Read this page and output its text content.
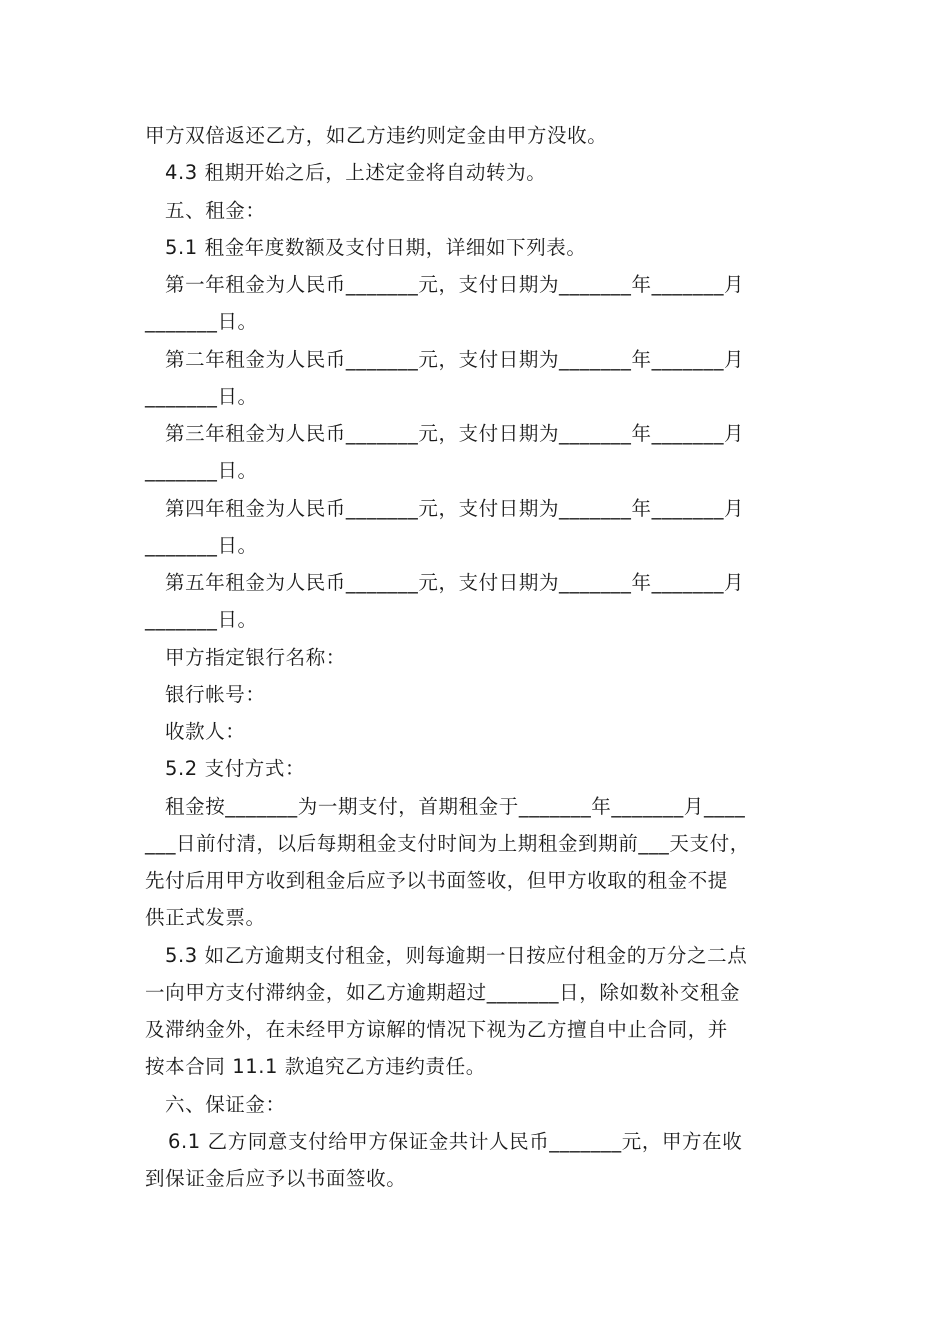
甲方双倍返还乙方，如乙方违约则定金由甲方没收。
4.3 租期开始之后，上述定金将自动转为。
五、租金：
5.1 租金年度数额及支付日期，详细如下列表。
第一年租金为人民币_______元，支付日期为_______年_______月
_______日。
第二年租金为人民币_______元，支付日期为_______年_______月
_______日。
第三年租金为人民币_______元，支付日期为_______年_______月
_______日。
第四年租金为人民币_______元，支付日期为_______年_______月
_______日。
第五年租金为人民币_______元，支付日期为_______年_______月
_______日。
甲方指定银行名称：
银行帐号：
收款人：
5.2 支付方式：
租金按_______为一期支付，首期租金于_______年_______月____
___日前付清，以后每期租金支付时间为上期租金到期前___天支付，
先付后用甲方收到租金后应予以书面签收，但甲方收取的租金不提
供正式发票。
5.3 如乙方逾期支付租金，则每逾期一日按应付租金的万分之二点
一向甲方支付滞纳金，如乙方逾期超过_______日，除如数补交租金
及滞纳金外，在未经甲方谅解的情况下视为乙方擅自中止合同，并
按本合同 11.1 款追究乙方违约责任。
六、保证金：
6.1 乙方同意支付给甲方保证金共计人民币_______元，甲方在收
到保证金后应予以书面签收。
